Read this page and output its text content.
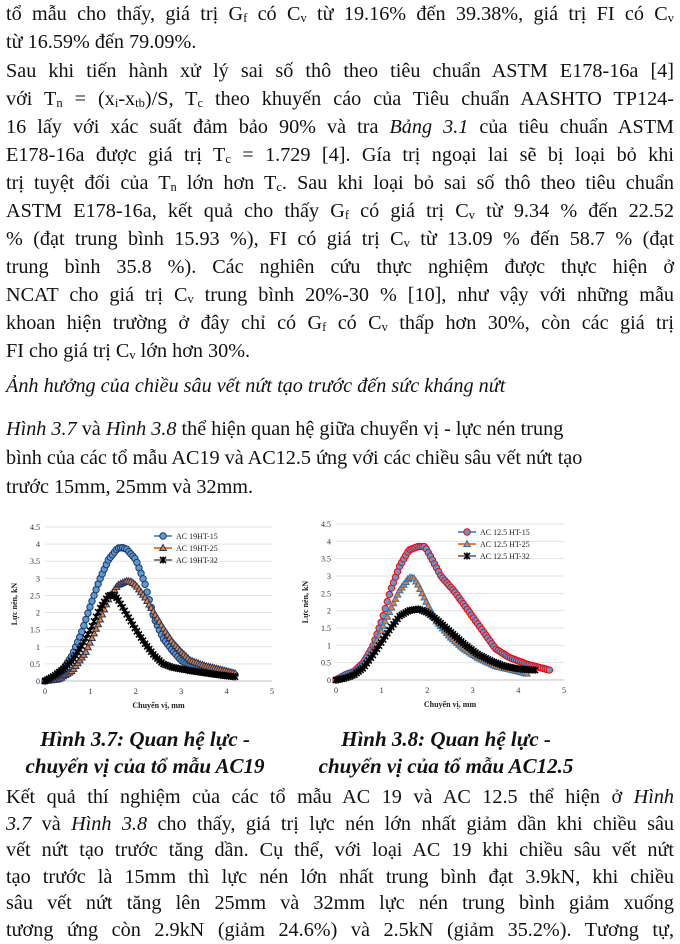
tổ mẫu cho thấy, giá trị $G_f$ có $C_v$ từ 19.16% đến 39.38%, giá trị FI có $C_v$
từ 16.59% đến 79.09%.
Sau khi tiến hành xử lý sai số thô theo tiêu chuẩn ASTM E178-16a [4]
với $T_n = (x_i-x_{tb})/S$, $T_c$ theo khuyến cáo của Tiêu chuẩn AASHTO TP124-
16 lấy với xác suất đảm bảo 90% và tra Bảng 3.1 của tiêu chuẩn ASTM
E178-16a được giá trị $T_c = 1.729$ [4]. Gía trị ngoại lai sẽ bị loại bỏ khi
trị tuyệt đối của $T_n$ lớn hơn $T_c$. Sau khi loại bỏ sai số thô theo tiêu chuẩn
ASTM E178-16a, kết quả cho thấy $G_f$ có giá trị $C_v$ từ 9.34 % đến 22.52
% (đạt trung bình 15.93 %), FI có giá trị $C_v$ từ 13.09 % đến 58.7 % (đạt
trung bình 35.8 %). Các nghiên cứu thực nghiệm được thực hiện ở
NCAT cho giá trị $C_v$ trung bình 20%-30 % [10], như vậy với những mẫu
khoan hiện trường ở đây chỉ có $G_f$ có $C_v$ thấp hơn 30%, còn các giá trị
FI cho giá trị $C_v$ lớn hơn 30%.
Ảnh hưởng của chiều sâu vết nứt tạo trước đến sức kháng nứt
Hình 3.7 và Hình 3.8 thể hiện quan hệ giữa chuyển vị - lực nén trung
bình của các tổ mẫu AC19 và AC12.5 ứng với các chiều sâu vết nứt tạo
trước 15mm, 25mm và 32mm.
0
0.5
1
1.5
2
2.5
3
3.5
4
4.5
0	1	2	3	4	5
Chuyển vị, mm
Lực nén, kN
AC 19HT-15
AC 19HT-25
AC 19HT-32
0
0.5
1
1.5
2
2.5
3
3.5
4
4.5
0	1	2	3	4	5
Chuyển vị, mm
Lực nén, kN
AC 12.5 HT-15
AC 12.5 HT-25
AC 12.5 HT-32
Hình 3.7: Quan hệ lực -
chuyển vị của tổ mẫu AC19
Hình 3.8: Quan hệ lực -
chuyển vị của tổ mẫu AC12.5
Kết quả thí nghiệm của các tổ mẫu AC 19 và AC 12.5 thể hiện ở Hình
3.7 và Hình 3.8 cho thấy, giá trị lực nén lớn nhất giảm dần khi chiều sâu
vết nứt tạo trước tăng dần. Cụ thể, với loại AC 19 khi chiều sâu vết nứt
tạo trước là 15mm thì lực nén lớn nhất trung bình đạt 3.9kN, khi chiều
sâu vết nứt tăng lên 25mm và 32mm lực nén trung bình giảm xuống
tương ứng còn 2.9kN (giảm 24.6%) và 2.5kN (giảm 35.2%). Tương tự,
